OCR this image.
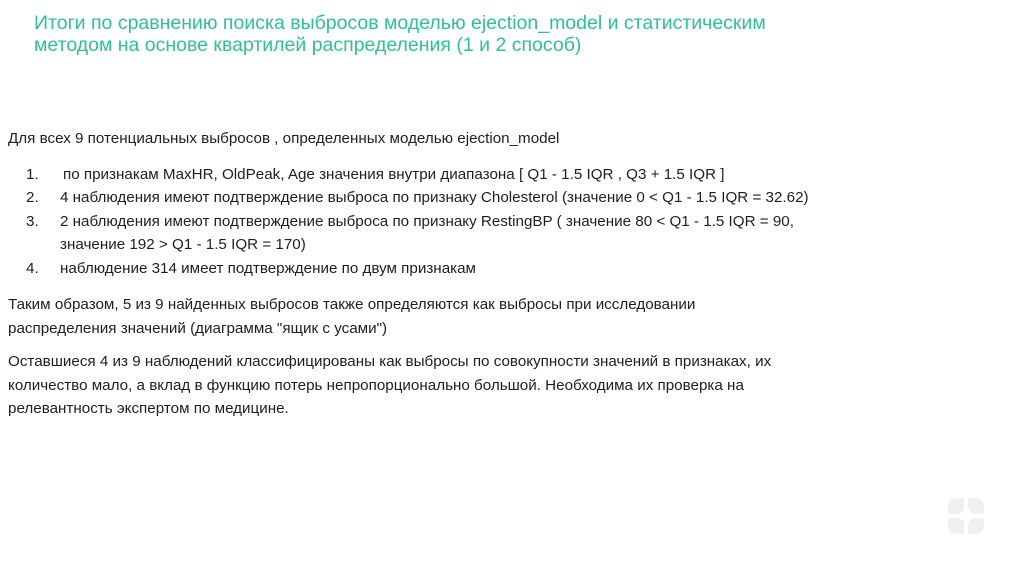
Итоги по сравнению поиска выбросов моделью ejection_model и статистическим
методом на основе квартилей распределения (1 и 2 способ)

Для всех 9 потенциальных выбросов , определенных моделью ejection_model

1. по признакам MaxHR, OldPeak, Age значения внутри диапазона [ Q1 - 1.5 IQR , Q3 + 1.5 IQR ]
2. 4 наблюдения имеют подтверждение выброса по признаку Cholesterol (значение 0 < Q1 - 1.5 IQR = 32.62)
3. 2 наблюдения имеют подтверждение выброса по признаку RestingBP ( значение 80 < Q1 - 1.5 IQR = 90,
значение 192 > Q1 - 1.5 IQR = 170)
4. наблюдение 314 имеет подтверждение по двум признакам

Таким образом, 5 из 9 найденных выбросов также определяются как выбросы при исследовании
распределения значений (диаграмма "ящик с усами")

Оставшиеся 4 из 9 наблюдений классифицированы как выбросы по совокупности значений в признаках, их
количество мало, а вклад в функцию потерь непропорционально большой. Необходима их проверка на
релевантность экспертом по медицине.
